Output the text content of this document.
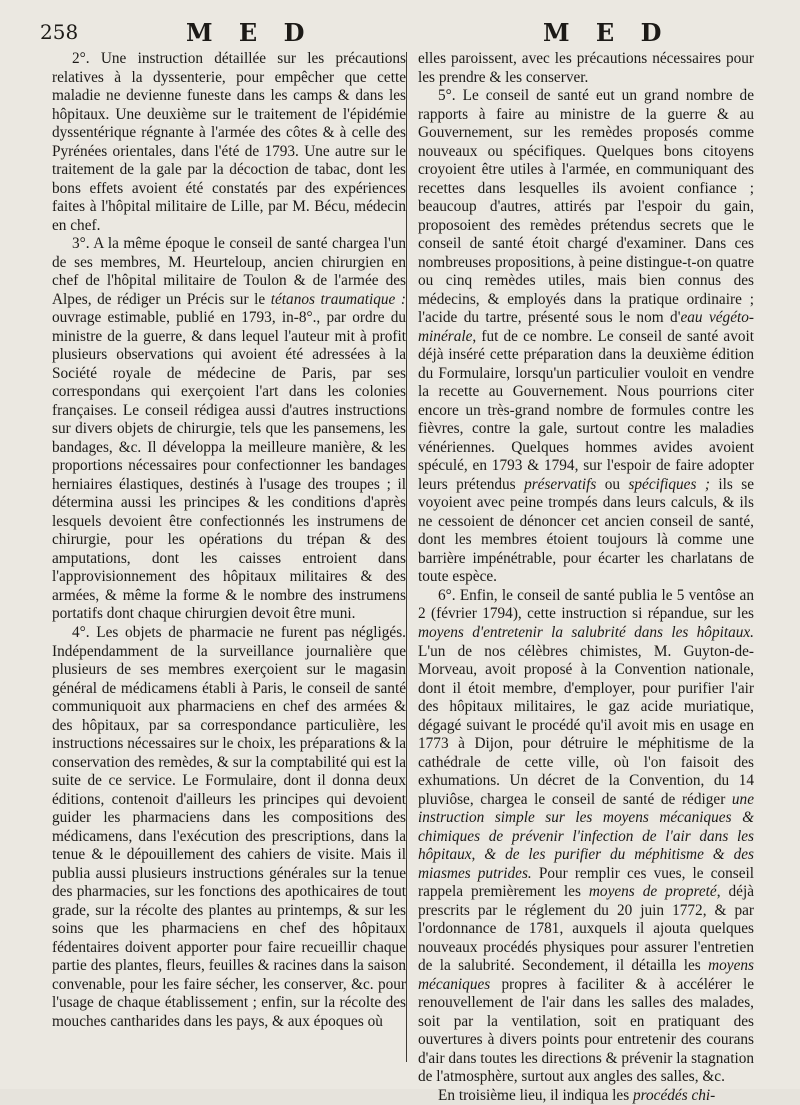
258	M E D	M E D

2°. Une instruction détaillée sur les précautions relatives à la dyssenterie, pour empêcher que cette maladie ne devienne funeste dans les camps & dans les hôpitaux. Une deuxième sur le traitement de l'épidémie dyssentérique régnante à l'armée des côtes & à celle des Pyrénées orientales, dans l'été de 1793. Une autre sur le traitement de la gale par la décoction de tabac, dont les bons effets avoient été constatés par des expériences faites à l'hôpital militaire de Lille, par M. Bécu, médecin en chef.

3°. A la même époque le conseil de santé chargea l'un de ses membres, M. Heurteloup, ancien chirurgien en chef de l'hôpital militaire de Toulon & de l'armée des Alpes, de rédiger un Précis sur le tétanos traumatique : ouvrage estimable, publié en 1793, in-8°., par ordre du ministre de la guerre, & dans lequel l'auteur mit à profit plusieurs observations qui avoient été adressées à la Société royale de médecine de Paris, par ses correspondans qui exerçoient l'art dans les colonies françaises. Le conseil rédigea aussi d'autres instructions sur divers objets de chirurgie, tels que les pansemens, les bandages, &c. Il développa la meilleure manière, & les proportions nécessaires pour confectionner les bandages herniaires élastiques, destinés à l'usage des troupes ; il détermina aussi les principes & les conditions d'après lesquels devoient être confectionnés les instrumens de chirurgie, pour les opérations du trépan & des amputations, dont les caisses entroient dans l'approvisionnement des hôpitaux militaires & des armées, & même la forme & le nombre des instrumens portatifs dont chaque chirurgien devoit être muni.

4°. Les objets de pharmacie ne furent pas négligés. Indépendamment de la surveillance journalière que plusieurs de ses membres exerçoient sur le magasin général de médicamens établi à Paris, le conseil de santé communiquoit aux pharmaciens en chef des armées & des hôpitaux, par sa correspondance particulière, les instructions nécessaires sur le choix, les préparations & la conservation des remèdes, & sur la comptabilité qui est la suite de ce service. Le Formulaire, dont il donna deux éditions, contenoit d'ailleurs les principes qui devoient guider les pharmaciens dans les compositions des médicamens, dans l'exécution des prescriptions, dans la tenue & le dépouillement des cahiers de visite. Mais il publia aussi plusieurs instructions générales sur la tenue des pharmacies, sur les fonctions des apothicaires de tout grade, sur la récolte des plantes au printemps, & sur les soins que les pharmaciens en chef des hôpitaux fédentaires doivent apporter pour faire recueillir chaque partie des plantes, fleurs, feuilles & racines dans la saison convenable, pour les faire sécher, les conserver, &c. pour l'usage de chaque établissement ; enfin, sur la récolte des mouches cantharides dans les pays, & aux époques où

elles paroissent, avec les précautions nécessaires pour les prendre & les conserver.

5°. Le conseil de santé eut un grand nombre de rapports à faire au ministre de la guerre & au Gouvernement, sur les remèdes proposés comme nouveaux ou spécifiques. Quelques bons citoyens croyoient être utiles à l'armée, en communiquant des recettes dans lesquelles ils avoient confiance ; beaucoup d'autres, attirés par l'espoir du gain, proposoient des remèdes prétendus secrets que le conseil de santé étoit chargé d'examiner. Dans ces nombreuses propositions, à peine distingue-t-on quatre ou cinq remèdes utiles, mais bien connus des médecins, & employés dans la pratique ordinaire ; l'acide du tartre, présenté sous le nom d'eau végéto-minérale, fut de ce nombre. Le conseil de santé avoit déjà inséré cette préparation dans la deuxième édition du Formulaire, lorsqu'un particulier vouloit en vendre la recette au Gouvernement. Nous pourrions citer encore un très-grand nombre de formules contre les fièvres, contre la gale, surtout contre les maladies vénériennes. Quelques hommes avides avoient spéculé, en 1793 & 1794, sur l'espoir de faire adopter leurs prétendus préservatifs ou spécifiques ; ils se voyoient avec peine trompés dans leurs calculs, & ils ne cessoient de dénoncer cet ancien conseil de santé, dont les membres étoient toujours là comme une barrière impénétrable, pour écarter les charlatans de toute espèce.

6°. Enfin, le conseil de santé publia le 5 ventôse an 2 (février 1794), cette instruction si répandue, sur les moyens d'entretenir la salubrité dans les hôpitaux. L'un de nos célèbres chimistes, M. Guyton-de-Morveau, avoit proposé à la Convention nationale, dont il étoit membre, d'employer, pour purifier l'air des hôpitaux militaires, le gaz acide muriatique, dégagé suivant le procédé qu'il avoit mis en usage en 1773 à Dijon, pour détruire le méphitisme de la cathédrale de cette ville, où l'on faisoit des exhumations. Un décret de la Convention, du 14 pluviôse, chargea le conseil de santé de rédiger une instruction simple sur les moyens mécaniques & chimiques de prévenir l'infection de l'air dans les hôpitaux, & de les purifier du méphitisme & des miasmes putrides. Pour remplir ces vues, le conseil rappela premièrement les moyens de propreté, déjà prescrits par le réglement du 20 juin 1772, & par l'ordonnance de 1781, auxquels il ajouta quelques nouveaux procédés physiques pour assurer l'entretien de la salubrité. Secondement, il détailla les moyens mécaniques propres à faciliter & à accélérer le renouvellement de l'air dans les salles des malades, soit par la ventilation, soit en pratiquant des ouvertures à divers points pour entretenir des courans d'air dans toutes les directions & prévenir la stagnation de l'atmosphère, surtout aux angles des salles, &c.

En troisième lieu, il indiqua les procédés chi-
